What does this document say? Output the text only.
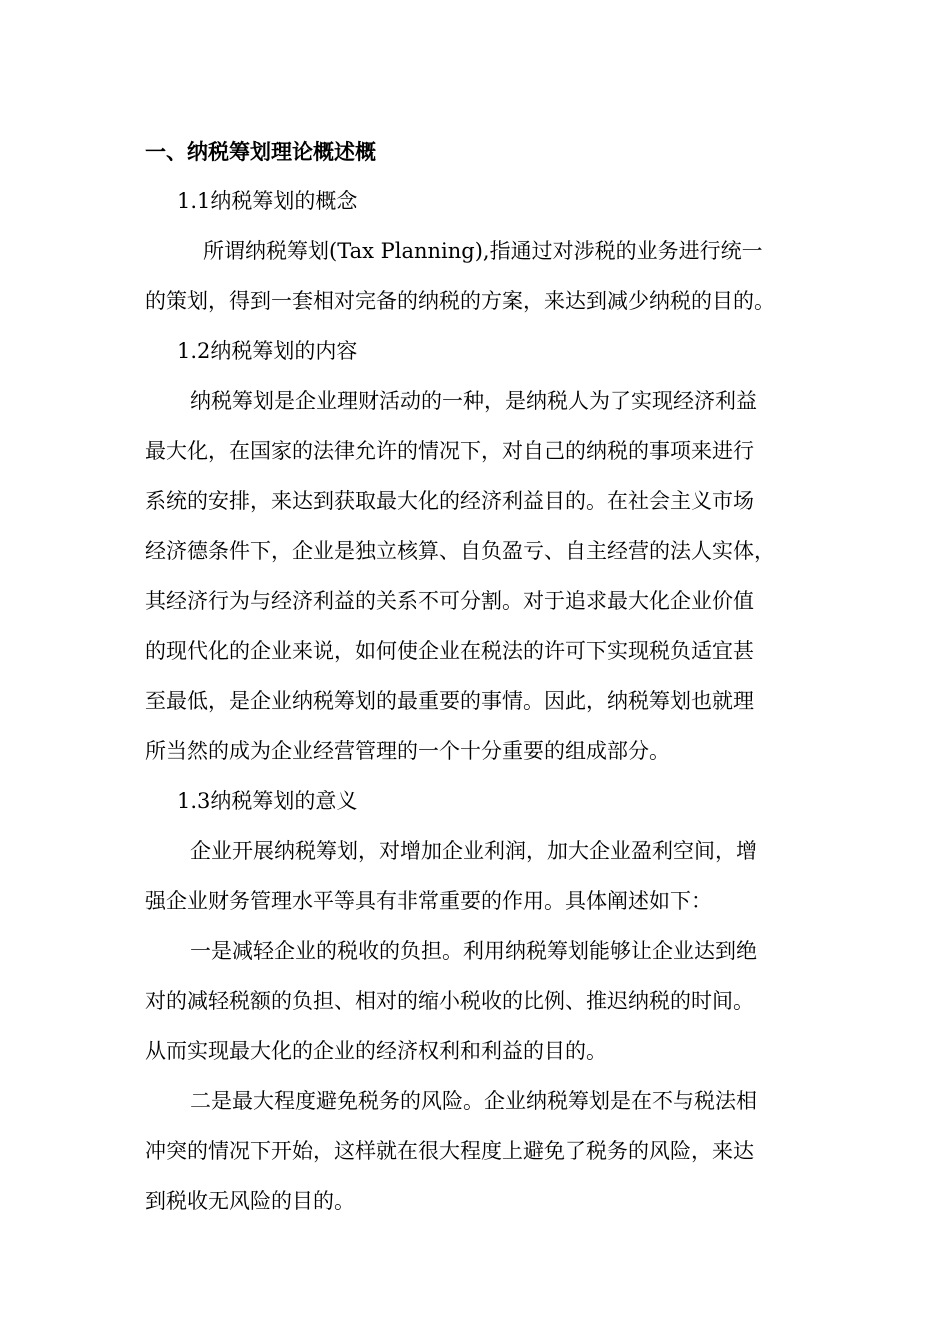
一、纳税筹划理论概述概
1.1纳税筹划的概念
所谓纳税筹划(Tax Planning),指通过对涉税的业务进行统一
的策划，得到一套相对完备的纳税的方案，来达到减少纳税的目的。
1.2纳税筹划的内容
纳税筹划是企业理财活动的一种，是纳税人为了实现经济利益
最大化，在国家的法律允许的情况下，对自己的纳税的事项来进行
系统的安排，来达到获取最大化的经济利益目的。在社会主义市场
经济德条件下，企业是独立核算、自负盈亏、自主经营的法人实体，
其经济行为与经济利益的关系不可分割。对于追求最大化企业价值
的现代化的企业来说，如何使企业在税法的许可下实现税负适宜甚
至最低，是企业纳税筹划的最重要的事情。因此，纳税筹划也就理
所当然的成为企业经营管理的一个十分重要的组成部分。
1.3纳税筹划的意义
企业开展纳税筹划，对增加企业利润，加大企业盈利空间，增
强企业财务管理水平等具有非常重要的作用。具体阐述如下：
一是减轻企业的税收的负担。利用纳税筹划能够让企业达到绝
对的减轻税额的负担、相对的缩小税收的比例、推迟纳税的时间。
从而实现最大化的企业的经济权利和利益的目的。
二是最大程度避免税务的风险。企业纳税筹划是在不与税法相
冲突的情况下开始，这样就在很大程度上避免了税务的风险，来达
到税收无风险的目的。
